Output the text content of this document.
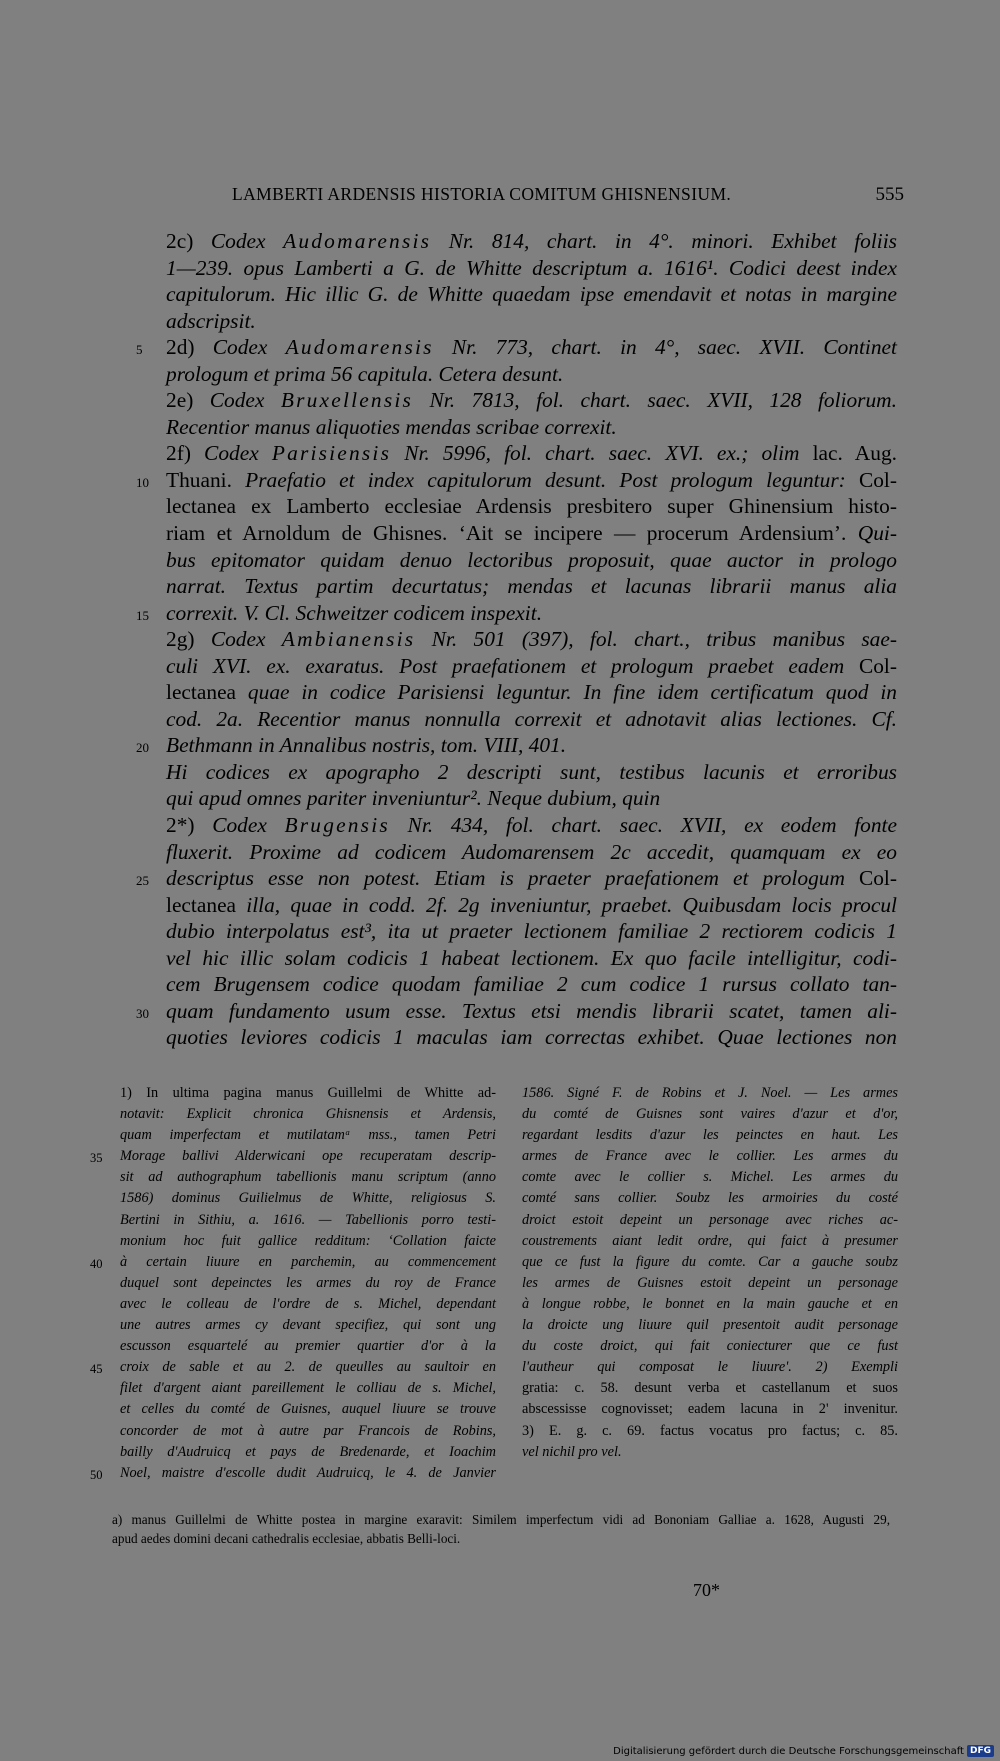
LAMBERTI ARDENSIS HISTORIA COMITUM GHISNENSIUM.	555

2c) Codex Audomarensis Nr. 814, chart. in 4°. minori. Exhibet foliis
1—239. opus Lamberti a G. de Whitte descriptum a. 1616¹. Codici deest index
capitulorum. Hic illic G. de Whitte quaedam ipse emendavit et notas in margine
adscripsit.

5 2d) Codex Audomarensis Nr. 773, chart. in 4°, saec. XVII. Continet
prologum et prima 56 capitula. Cetera desunt.

2e) Codex Bruxellensis Nr. 7813, fol. chart. saec. XVII, 128 foliorum.
Recentior manus aliquoties mendas scribae correxit.

2f) Codex Parisiensis Nr. 5996, fol. chart. saec. XVI. ex.; olim lac. Aug.
10 Thuani. Praefatio et index capitulorum desunt. Post prologum leguntur: Col-
lectanea ex Lamberto ecclesiae Ardensis presbitero super Ghinensium histo-
riam et Arnoldum de Ghisnes. ‘Ait se incipere — procerum Ardensium’. Qui-
bus epitomator quidam denuo lectoribus proposuit, quae auctor in prologo
narrat. Textus partim decurtatus; mendas et lacunas librarii manus alia
15 correxit. V. Cl. Schweitzer codicem inspexit.

2g) Codex Ambianensis Nr. 501 (397), fol. chart., tribus manibus sae-
culi XVI. ex. exaratus. Post praefationem et prologum praebet eadem Col-
lectanea quae in codice Parisiensi leguntur. In fine idem certificatum quod in
cod. 2a. Recentior manus nonnulla correxit et adnotavit alias lectiones. Cf.
20 Bethmann in Annalibus nostris, tom. VIII, 401.

Hi codices ex apographo 2 descripti sunt, testibus lacunis et erroribus
qui apud omnes pariter inveniuntur². Neque dubium, quin

2*) Codex Brugensis Nr. 434, fol. chart. saec. XVII, ex eodem fonte
fluxerit. Proxime ad codicem Audomarensem 2c accedit, quamquam ex eo
25 descriptus esse non potest. Etiam is praeter praefationem et prologum Col-
lectanea illa, quae in codd. 2f. 2g inveniuntur, praebet. Quibusdam locis procul
dubio interpolatus est³, ita ut praeter lectionem familiae 2 rectiorem codicis 1
vel hic illic solam codicis 1 habeat lectionem. Ex quo facile intelligitur, codi-
cem Brugensem codice quodam familiae 2 cum codice 1 rursus collato tan-
30 quam fundamento usum esse. Textus etsi mendis librarii scatet, tamen ali-
quoties leviores codicis 1 maculas iam correctas exhibet. Quae lectiones non

1) In ultima pagina manus Guillelmi de Whitte ad-
notavit: Explicit chronica Ghisnensis et Ardensis,
quam imperfectam et mutilatamᵃ mss., tamen Petri
35 Morage ballivi Alderwicani ope recuperatam descrip-
sit ad authographum tabellionis manu scriptum (anno
1586) dominus Guilielmus de Whitte, religiosus S.
Bertini in Sithiu, a. 1616. — Tabellionis porro testi-
monium hoc fuit gallice redditum: ‘Collation faicte
40 à certain liuure en parchemin, au commencement
duquel sont depeinctes les armes du roy de France
avec le colleau de l'ordre de s. Michel, dependant
une autres armes cy devant specifiez, qui sont ung
escusson esquartelé au premier quartier d'or à la
45 croix de sable et au 2. de queulles au saultoir en
filet d'argent aiant pareillement le colliau de s. Michel,
et celles du comté de Guisnes, auquel liuure se trouve
concorder de mot à autre par Francois de Robins,
bailly d'Audruicq et pays de Bredenarde, et Ioachim
50 Noel, maistre d'escolle dudit Audruicq, le 4. de Janvier
1586. Signé F. de Robins et J. Noel. — Les armes
du comté de Guisnes sont vaires d'azur et d'or,
regardant lesdits d'azur les peinctes en haut. Les
armes de France avec le collier. Les armes du
comte avec le collier s. Michel. Les armes du
comté sans collier. Soubz les armoiries du costé
droict estoit depeint un personage avec riches ac-
coustrements aiant ledit ordre, qui faict à presumer
que ce fust la figure du comte. Car a gauche soubz
les armes de Guisnes estoit depeint un personage
à longue robbe, le bonnet en la main gauche et en
la droicte ung liuure quil presentoit audit personage
du coste droict, qui fait coniecturer que ce fust
l'autheur qui composat le liuure'. 2) Exempli
gratia: c. 58. desunt verba et castellanum et suos
abscessisse cognovisset; eadem lacuna in 2' invenitur.
3) E. g. c. 69. factus vocatus pro factus; c. 85.
vel nichil pro vel.
a) manus Guillelmi de Whitte postea in margine exaravit: Similem imperfectum vidi ad Bononiam Galliae a. 1628, Augusti 29,
apud aedes domini decani cathedralis ecclesiae, abbatis Belli-loci.
70*
Digitalisierung gefördert durch die Deutsche Forschungsgemeinschaft DFG
